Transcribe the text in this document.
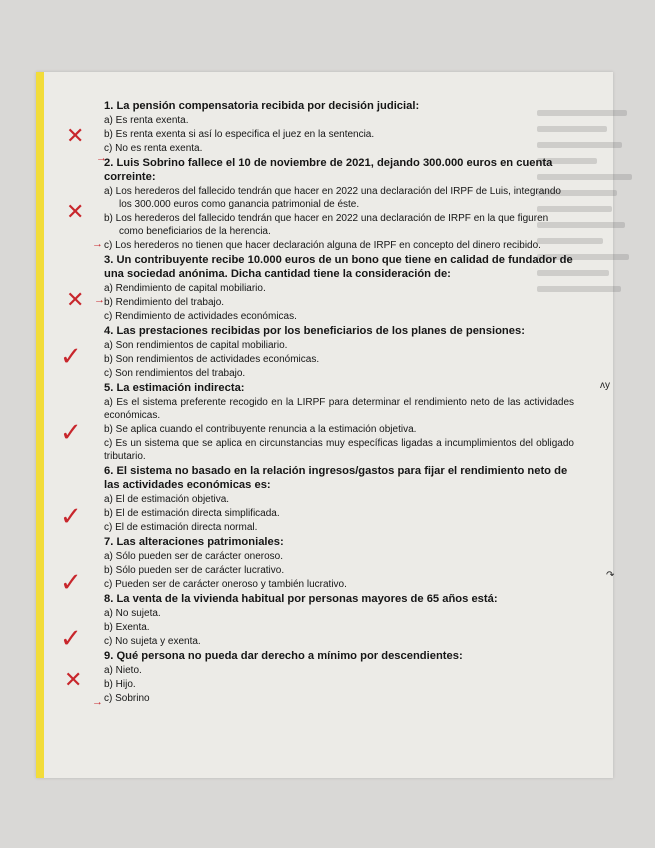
✕
✕
✕
✓
✓
✓
✓
✓
✕
→
→
→
→
ᴧy
↷

1. La pensión compensatoria recibida por decisión judicial:

a) Es renta exenta.

b) Es renta exenta si así lo especifica el juez en la sentencia.

c) No es renta exenta.

2. Luis Sobrino fallece el 10 de noviembre de 2021, dejando 300.000 euros en cuenta correinte:

a) Los herederos del fallecido tendrán que hacer en 2022 una declaración del IRPF de Luis, integrando los 300.000 euros como ganancia patrimonial de éste.

b) Los herederos del fallecido tendrán que hacer en 2022 una declaración de IRPF en la que figuren como beneficiarios de la herencia.

c) Los herederos no tienen que hacer declaración alguna de IRPF en concepto del dinero recibido.

3. Un contribuyente recibe 10.000 euros de un bono que tiene en calidad de fundador de una sociedad anónima. Dicha cantidad tiene la consideración de:

a) Rendimiento de capital mobiliario.

b) Rendimiento del trabajo.

c) Rendimiento de actividades económicas.

4. Las prestaciones recibidas por los beneficiarios de los planes de pensiones:

a) Son rendimientos de capital mobiliario.

b) Son rendimientos de actividades económicas.

c) Son rendimientos del trabajo.

5. La estimación indirecta:

a) Es el sistema preferente recogido en la LIRPF para determinar el rendimiento neto de las actividades económicas.

b) Se aplica cuando el contribuyente renuncia a la estimación objetiva.

c) Es un sistema que se aplica en circunstancias muy específicas ligadas a incumplimientos del obligado tributario.

6. El sistema no basado en la relación ingresos/gastos para fijar el rendimiento neto de las actividades económicas es:

a) El de estimación objetiva.

b) El de estimación directa simplificada.

c) El de estimación directa normal.

7. Las alteraciones patrimoniales:

a) Sólo pueden ser de carácter oneroso.

b) Sólo pueden ser de carácter lucrativo.

c) Pueden ser de carácter oneroso y también lucrativo.

8. La venta de la vivienda habitual por personas mayores de 65 años está:

a) No sujeta.

b) Exenta.

c) No sujeta y exenta.

9. Qué persona no pueda dar derecho a mínimo por descendientes:

a) Nieto.

b) Hijo.

c) Sobrino
